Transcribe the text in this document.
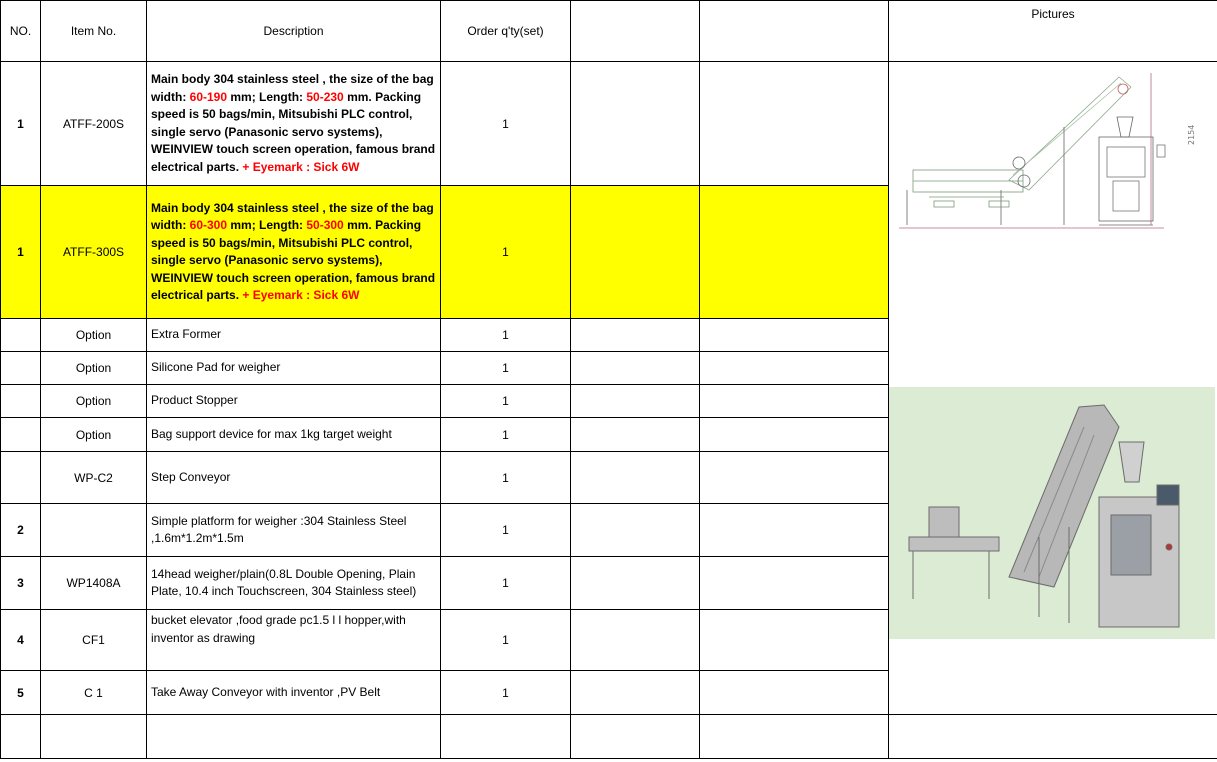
NO.	Item No.	Description	Order q'ty(set)			Pictures
1	ATFF-200S	Main body 304 stainless steel , the size of the bag width: 60-190 mm; Length: 50-230 mm. Packing speed is 50 bags/min, Mitsubishi PLC control, single servo (Panasonic servo systems), WEINVIEW touch screen operation, famous brand electrical parts. + Eyemark : Sick 6W	1			
1	ATFF-300S	Main body 304 stainless steel , the size of the bag width: 60-300 mm; Length: 50-300 mm. Packing speed is 50 bags/min, Mitsubishi PLC control, single servo (Panasonic servo systems), WEINVIEW touch screen operation, famous brand electrical parts. + Eyemark : Sick 6W	1			
	Option	Extra Former	1			
	Option	Silicone Pad for weigher	1			
	Option	Product Stopper	1			
	Option	Bag support device for max 1kg target weight	1			
	WP-C2	Step Conveyor	1			
2		Simple platform for weigher :304 Stainless Steel ,1.6m*1.2m*1.5m	1			
3	WP1408A	14head weigher/plain(0.8L Double Opening, Plain Plate, 10.4 inch Touchscreen, 304 Stainless steel)	1			
4	CF1	bucket elevator ,food grade pc1.5 l l hopper,with inventor as drawing	1			
5	C 1	Take Away Conveyor with inventor ,PV Belt	1			

2154
